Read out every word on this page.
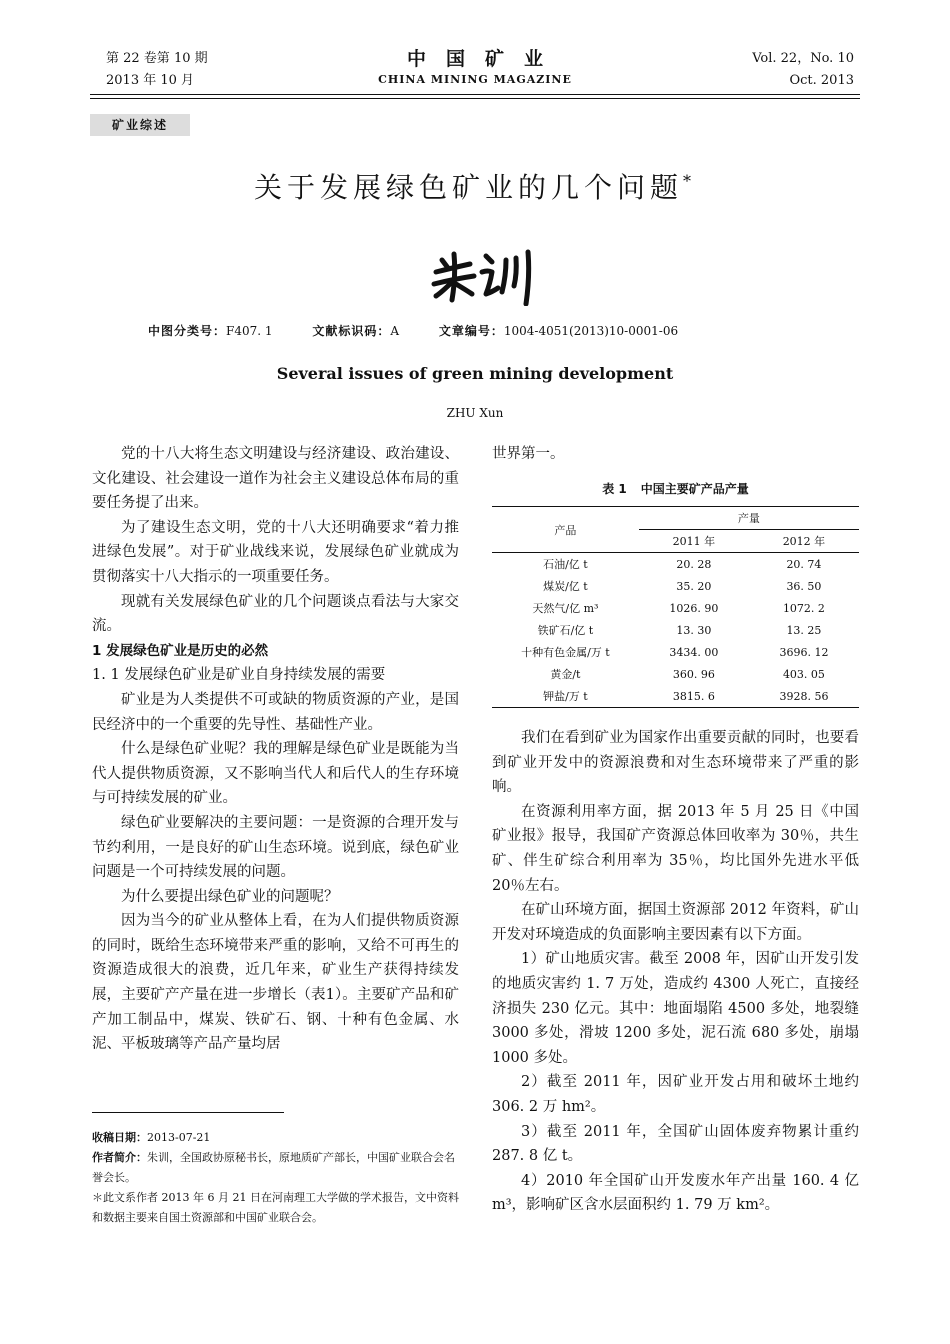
第 22 卷第 10 期
2013 年 10 月
中国矿业
CHINA MINING MAGAZINE
Vol. 22，No. 10
Oct. 2013
矿业综述
关于发展绿色矿业的几个问题*
中图分类号：F407. 1	文献标识码：A	文章编号：1004-4051(2013)10-0001-06
Several issues of green mining development
ZHU Xun

党的十八大将生态文明建设与经济建设、政治建设、文化建设、社会建设一道作为社会主义建设总体布局的重要任务提了出来。

为了建设生态文明，党的十八大还明确要求“着力推进绿色发展”。对于矿业战线来说，发展绿色矿业就成为贯彻落实十八大指示的一项重要任务。

现就有关发展绿色矿业的几个问题谈点看法与大家交流。

1 发展绿色矿业是历史的必然

1. 1 发展绿色矿业是矿业自身持续发展的需要

矿业是为人类提供不可或缺的物质资源的产业，是国民经济中的一个重要的先导性、基础性产业。

什么是绿色矿业呢？我的理解是绿色矿业是既能为当代人提供物质资源，又不影响当代人和后代人的生存环境与可持续发展的矿业。

绿色矿业要解决的主要问题：一是资源的合理开发与节约利用，一是良好的矿山生态环境。说到底，绿色矿业问题是一个可持续发展的问题。

为什么要提出绿色矿业的问题呢？

因为当今的矿业从整体上看，在为人们提供物质资源的同时，既给生态环境带来严重的影响，又给不可再生的资源造成很大的浪费，近几年来，矿业生产获得持续发展，主要矿产产量在进一步增长（表1）。主要矿产品和矿产加工制品中，煤炭、铁矿石、钢、十种有色金属、水泥、平板玻璃等产品产量均居

世界第一。

表 1 中国主要矿产品产量
产品	产量	
	2011 年	2012 年
石油/亿 t	20. 28	20. 74
煤炭/亿 t	35. 20	36. 50
天然气/亿 m³	1026. 90	1072. 2
铁矿石/亿 t	13. 30	13. 25
十种有色金属/万 t	3434. 00	3696. 12
黄金/t	360. 96	403. 05
钾盐/万 t	3815. 6	3928. 56

我们在看到矿业为国家作出重要贡献的同时，也要看到矿业开发中的资源浪费和对生态环境带来了严重的影响。

在资源利用率方面，据 2013 年 5 月 25 日《中国矿业报》报导，我国矿产资源总体回收率为 30％，共生矿、伴生矿综合利用率为 35％，均比国外先进水平低 20％左右。

在矿山环境方面，据国土资源部 2012 年资料，矿山开发对环境造成的负面影响主要因素有以下方面。

1）矿山地质灾害。截至 2008 年，因矿山开发引发的地质灾害约 1. 7 万处，造成约 4300 人死亡，直接经济损失 230 亿元。其中：地面塌陷 4500 多处，地裂缝 3000 多处，滑坡 1200 多处，泥石流 680 多处，崩塌 1000 多处。

2）截至 2011 年，因矿业开发占用和破坏土地约 306. 2 万 hm²。

3）截至 2011 年，全国矿山固体废弃物累计重约 287. 8 亿 t。

4）2010 年全国矿山开发废水年产出量 160. 4 亿 m³，影响矿区含水层面积约 1. 79 万 km²。

收稿日期：2013-07-21

作者简介：朱训，全国政协原秘书长，原地质矿产部长，中国矿业联合会名誉会长。

＊此文系作者 2013 年 6 月 21 日在河南理工大学做的学术报告，文中资料和数据主要来自国土资源部和中国矿业联合会。
